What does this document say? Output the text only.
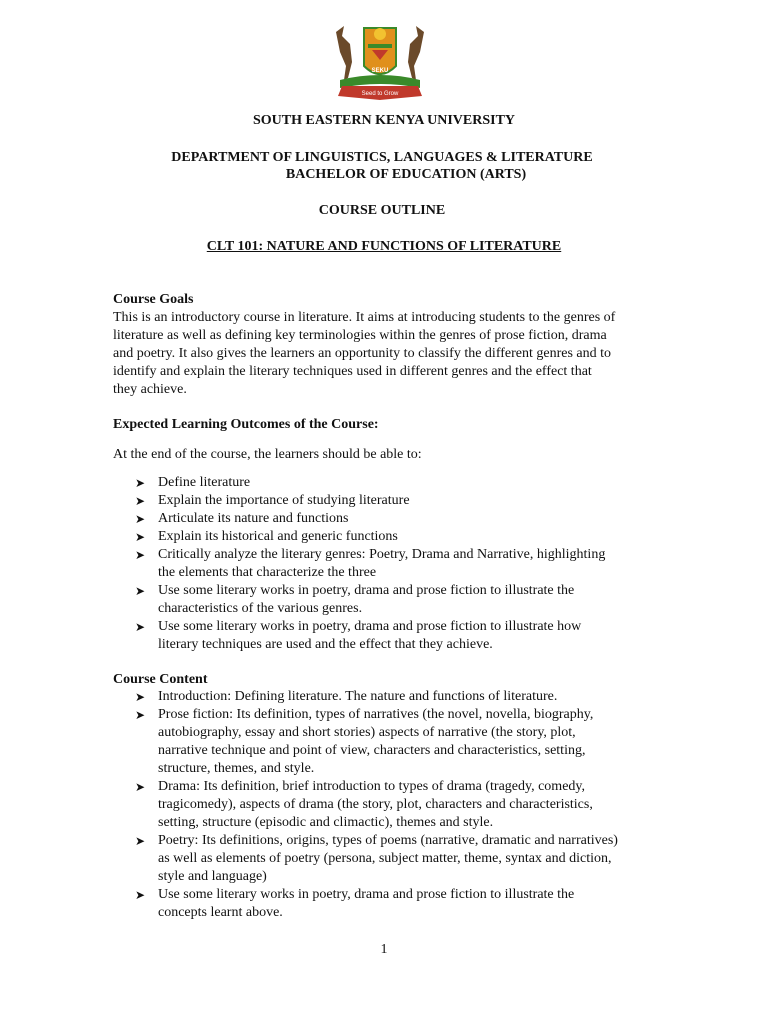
SEKU
Seed to Grow
SOUTH EASTERN KENYA UNIVERSITY
DEPARTMENT OF LINGUISTICS, LANGUAGES & LITERATURE
BACHELOR OF EDUCATION (ARTS)
COURSE OUTLINE
CLT 101: NATURE AND FUNCTIONS OF LITERATURE
Course Goals
This is an introductory course in literature. It aims at introducing students to the genres of
literature as well as defining key terminologies within the genres of prose fiction, drama
and poetry. It also gives the learners an opportunity to classify the different genres and to
identify and explain the literary techniques used in different genres and the effect that
they achieve.
Expected Learning Outcomes of the Course:
At the end of the course, the learners should be able to:
➤ Define literature
➤ Explain the importance of studying literature
➤ Articulate its nature and functions
➤ Explain its historical and generic functions
➤ Critically analyze the literary genres: Poetry, Drama and Narrative, highlighting
the elements that characterize the three
➤ Use some literary works in poetry, drama and prose fiction to illustrate the
characteristics of the various genres.
➤ Use some literary works in poetry, drama and prose fiction to illustrate how
literary techniques are used and the effect that they achieve.
Course Content
➤ Introduction: Defining literature. The nature and functions of literature.
➤ Prose fiction: Its definition, types of narratives (the novel, novella, biography,
autobiography, essay and short stories) aspects of narrative (the story, plot,
narrative technique and point of view, characters and characteristics, setting,
structure, themes, and style.
➤ Drama: Its definition, brief introduction to types of drama (tragedy, comedy,
tragicomedy), aspects of drama (the story, plot, characters and characteristics,
setting, structure (episodic and climactic), themes and style.
➤ Poetry: Its definitions, origins, types of poems (narrative, dramatic and narratives)
as well as elements of poetry (persona, subject matter, theme, syntax and diction,
style and language)
➤ Use some literary works in poetry, drama and prose fiction to illustrate the
concepts learnt above.
1
